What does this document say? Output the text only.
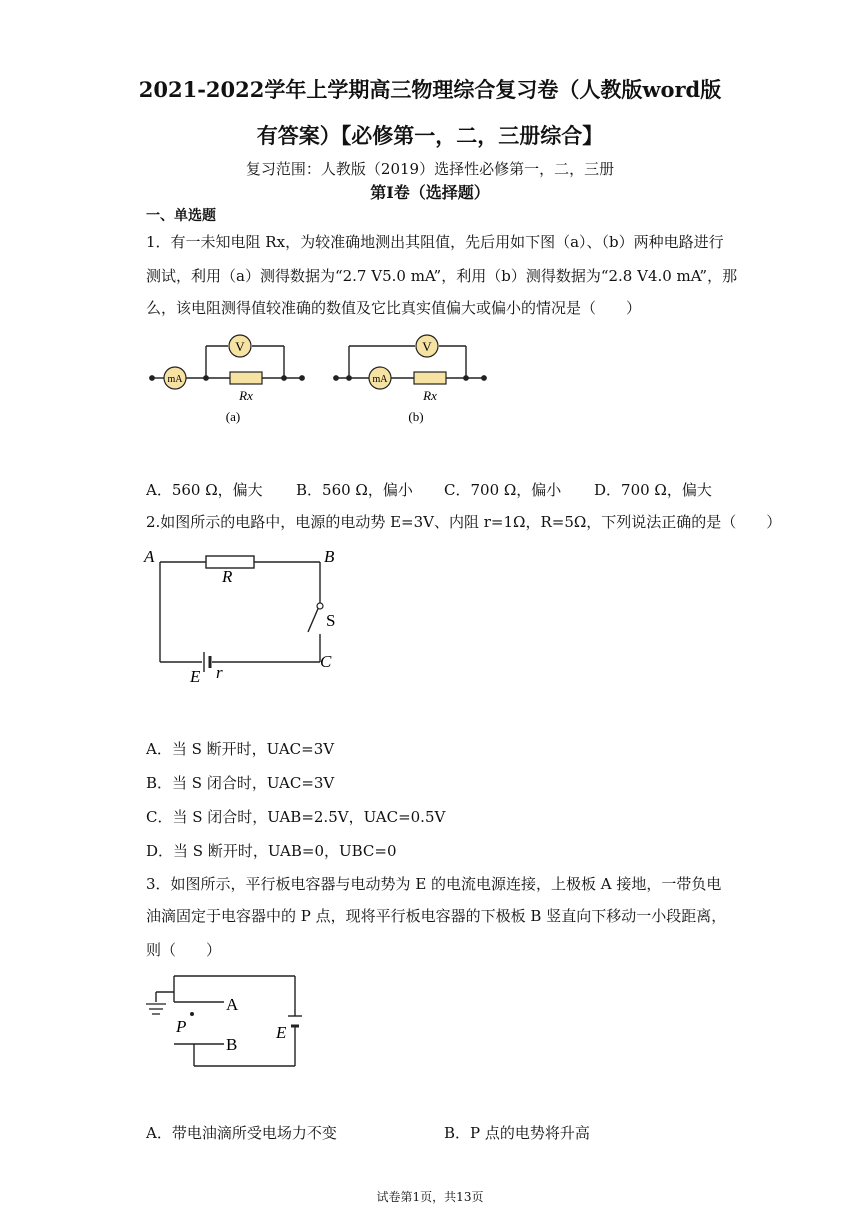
2021-2022学年上学期高三物理综合复习卷（人教版word版
有答案）【必修第一，二，三册综合】
复习范围：人教版（2019）选择性必修第一，二，三册
第Ⅰ卷（选择题）
一、单选题
1．有一未知电阻 Rx，为较准确地测出其阻值，先后用如下图（a）、（b）两种电路进行
测试，利用（a）测得数据为“2.7 V5.0 mA”，利用（b）测得数据为“2.8 V4.0 mA”，那
么，该电阻测得值较准确的数值及它比真实值偏大或偏小的情况是（　　）
mA
V
Rx
(a)
mA
V
Rx
(b)
A．560 Ω，偏大 B．560 Ω，偏小 C．700 Ω，偏小 D．700 Ω，偏大
2.如图所示的电路中，电源的电动势 E=3V、内阻 r=1Ω，R=5Ω，下列说法正确的是（　　）
A	B
C
R
S
E r
A．当 S 断开时，UAC=3V
B．当 S 闭合时，UAC=3V
C．当 S 闭合时，UAB=2.5V，UAC=0.5V
D．当 S 断开时，UAB=0，UBC=0
3．如图所示，平行板电容器与电动势为 E 的电流电源连接，上极板 A 接地，一带负电
油滴固定于电容器中的 P 点，现将平行板电容器的下极板 B 竖直向下移动一小段距离，
则（　　）
P
A
B
E
A．带电油滴所受电场力不变	B．P 点的电势将升高
试卷第1页，共13页
